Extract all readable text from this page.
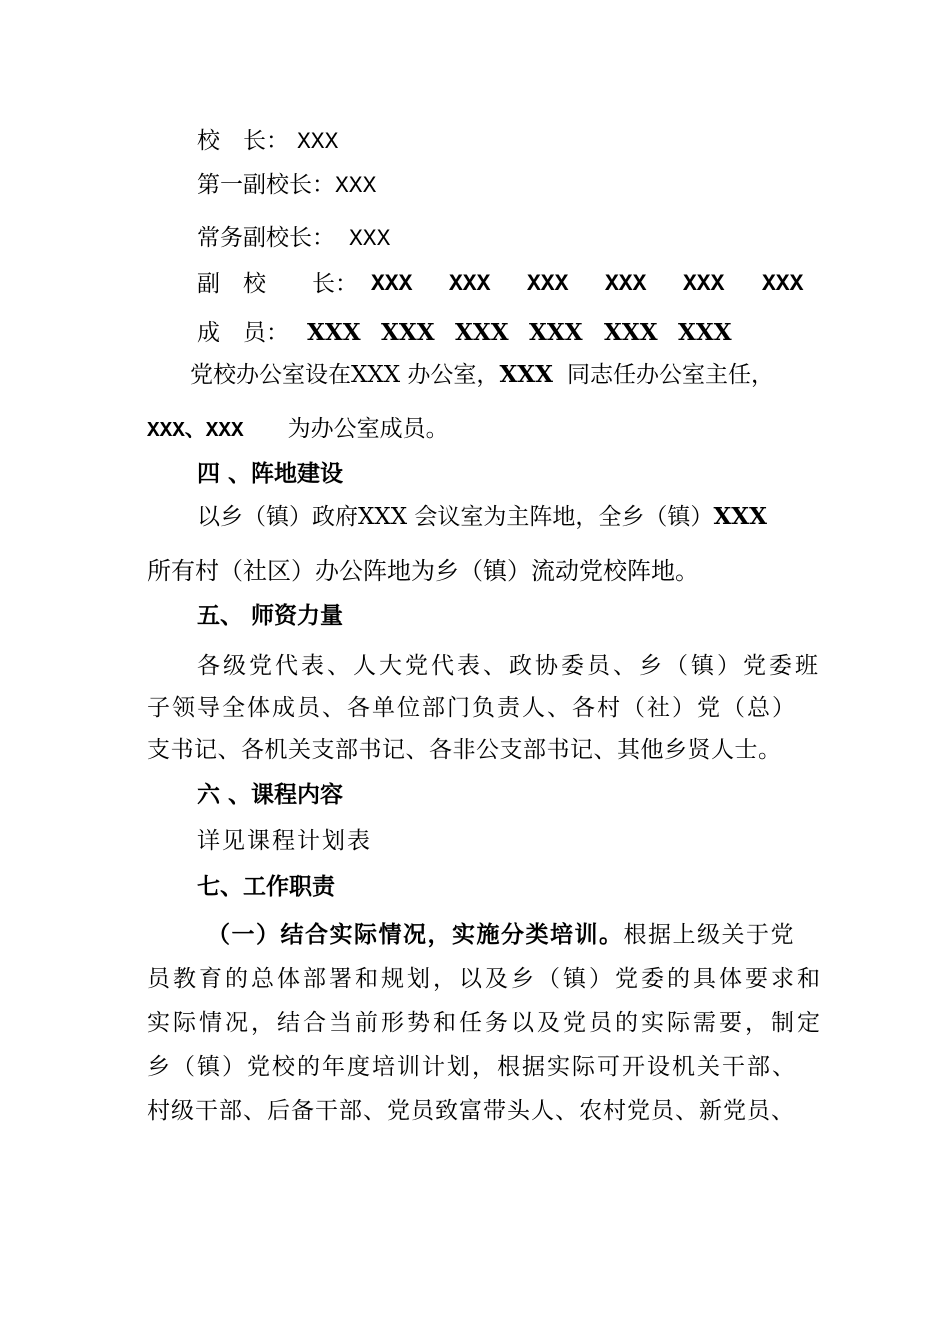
校　长： XXX
第一副校长：XXX
常务副校长： XXX
副　校　　长： XXX XXX XXX XXX XXX XXX
成　员： XXX XXX XXX XXX XXX XXX
党校办公室设在XXX 办公室，XXX 同志任办公室主任，
XXX、XXX 为办公室成员。
四 、阵地建设
以乡（镇）政府XXX 会议室为主阵地，全乡（镇）XXX
所有村（社区）办公阵地为乡（镇）流动党校阵地。
五、 师资力量
各级党代表、人大党代表、政协委员、乡（镇）党委班
子领导全体成员、各单位部门负责人、各村（社）党（总）
支书记、各机关支部书记、各非公支部书记、其他乡贤人士。
六 、课程内容
详见课程计划表
七、工作职责
（一）结合实际情况，实施分类培训。根据上级关于党
员教育的总体部署和规划，以及乡（镇）党委的具体要求和
实际情况，结合当前形势和任务以及党员的实际需要，制定
乡（镇）党校的年度培训计划，根据实际可开设机关干部、
村级干部、后备干部、党员致富带头人、农村党员、新党员、
